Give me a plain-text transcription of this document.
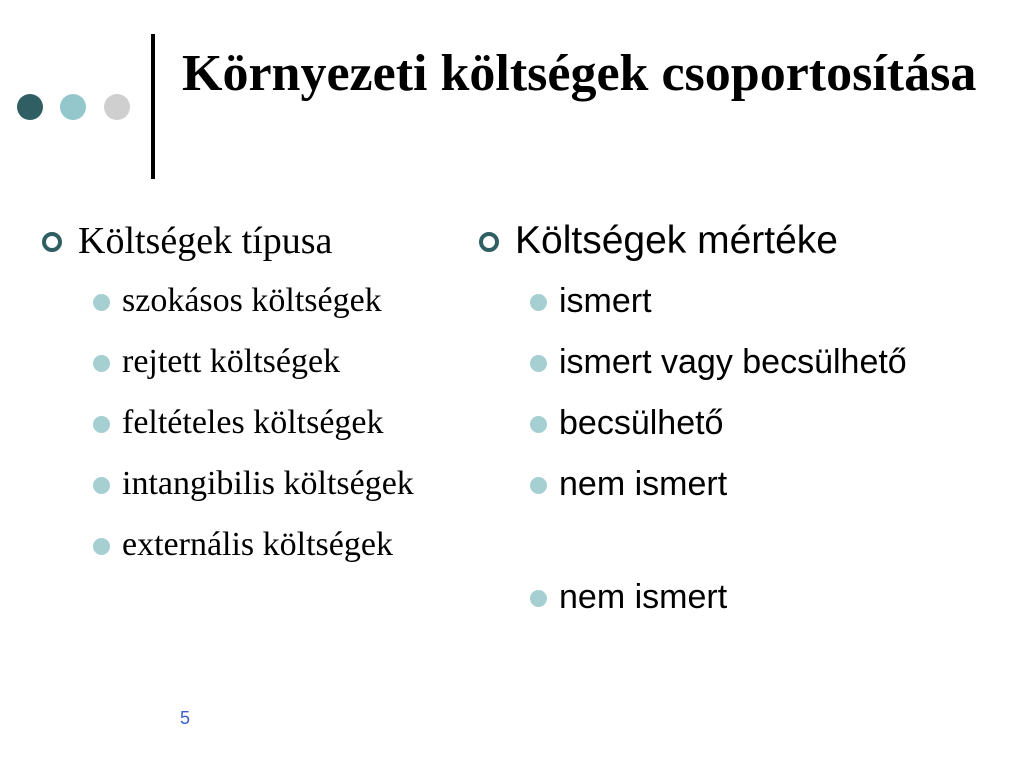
Környezeti költségek csoportosítása
Költségek típusa
szokásos költségek
rejtett költségek
feltételes költségek
intangibilis költségek
externális költségek
Költségek mértéke
ismert
ismert vagy becsülhető
becsülhető
nem ismert
nem ismert
5
